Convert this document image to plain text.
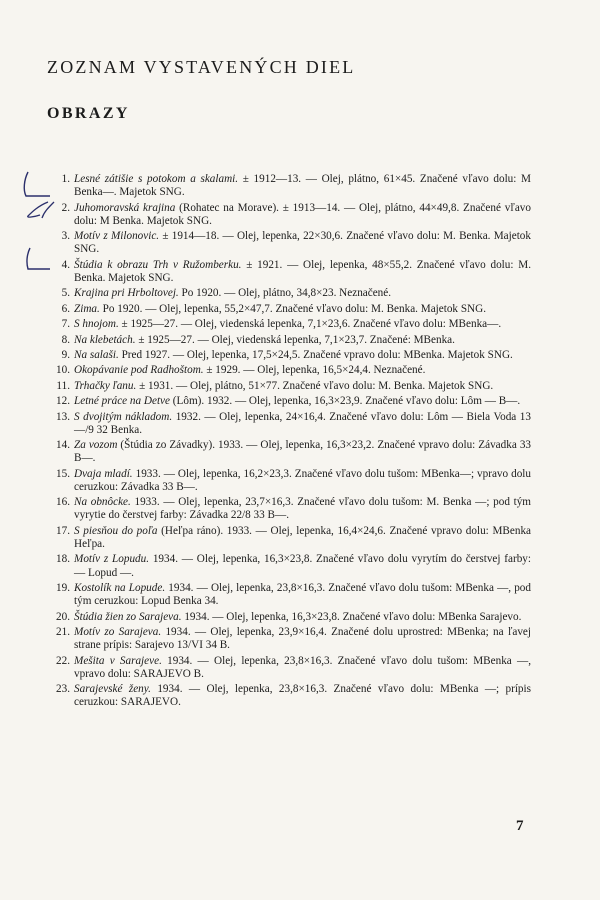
ZOZNAM VYSTAVENÝCH DIEL
OBRAZY
1. Lesné zátišie s potokom a skalami. ± 1912—13. — Olej, plátno, 61×45. Značené vľavo dolu: M Benka—. Majetok SNG.
2. Juhomoravská krajina (Rohatec na Morave). ± 1913—14. — Olej, plátno, 44×49,8. Značené vľavo dolu: M Benka. Majetok SNG.
3. Motív z Milonovic. ± 1914—18. — Olej, lepenka, 22×30,6. Značené vľavo dolu: M. Benka. Majetok SNG.
4. Štúdia k obrazu Trh v Ružomberku. ± 1921. — Olej, lepenka, 48×55,2. Značené vľavo dolu: M. Benka. Majetok SNG.
5. Krajina pri Hrboltovej. Po 1920. — Olej, plátno, 34,8×23. Neznačené.
6. Zima. Po 1920. — Olej, lepenka, 55,2×47,7. Značené vľavo dolu: M. Benka. Majetok SNG.
7. S hnojom. ± 1925—27. — Olej, viedenská lepenka, 7,1×23,6. Značené vľavo dolu: MBenka—.
8. Na klebetách. ± 1925—27. — Olej, viedenská lepenka, 7,1×23,7. Značené: MBenka.
9. Na salaši. Pred 1927. — Olej, lepenka, 17,5×24,5. Značené vpravo dolu: MBenka. Majetok SNG.
10. Okopávanie pod Radhoštom. ± 1929. — Olej, lepenka, 16,5×24,4. Neznačené.
11. Trhačky ľanu. ± 1931. — Olej, plátno, 51×77. Značené vľavo dolu: M. Benka. Majetok SNG.
12. Letné práce na Detve (Lôm). 1932. — Olej, lepenka, 16,3×23,9. Značené vľavo dolu: Lôm — B—.
13. S dvojitým nákladom. 1932. — Olej, lepenka, 24×16,4. Značené vľavo dolu: Lôm — Biela Voda 13—/9 32 Benka.
14. Za vozom (Štúdia zo Závadky). 1933. — Olej, lepenka, 16,3×23,2. Značené vpravo dolu: Závadka 33 B—.
15. Dvaja mladí. 1933. — Olej, lepenka, 16,2×23,3. Značené vľavo dolu tušom: MBenka—; vpravo dolu ceruzkou: Závadka 33 B—.
16. Na obnôcke. 1933. — Olej, lepenka, 23,7×16,3. Značené vľavo dolu tušom: M. Benka —; pod tým vyrytie do čerstvej farby: Závadka 22/8 33 B—.
17. S piesňou do poľa (Heľpa ráno). 1933. — Olej, lepenka, 16,4×24,6. Značené vpravo dolu: MBenka Heľpa.
18. Motív z Lopudu. 1934. — Olej, lepenka, 16,3×23,8. Značené vľavo dolu vyrytím do čerstvej farby: — Lopud —.
19. Kostolík na Lopude. 1934. — Olej, lepenka, 23,8×16,3. Značené vľavo dolu tušom: MBenka —, pod tým ceruzkou: Lopud Benka 34.
20. Štúdia žien zo Sarajeva. 1934. — Olej, lepenka, 16,3×23,8. Značené vľavo dolu: MBenka Sarajevo.
21. Motív zo Sarajeva. 1934. — Olej, lepenka, 23,9×16,4. Značené dolu uprostred: MBenka; na ľavej strane prípis: Sarajevo 13/VI 34 B.
22. Mešita v Sarajeve. 1934. — Olej, lepenka, 23,8×16,3. Značené vľavo dolu tušom: MBenka —, vpravo dolu: SARAJEVO B.
23. Sarajevské ženy. 1934. — Olej, lepenka, 23,8×16,3. Značené vľavo dolu: MBenka —; prípis ceruzkou: SARAJEVO.
7
